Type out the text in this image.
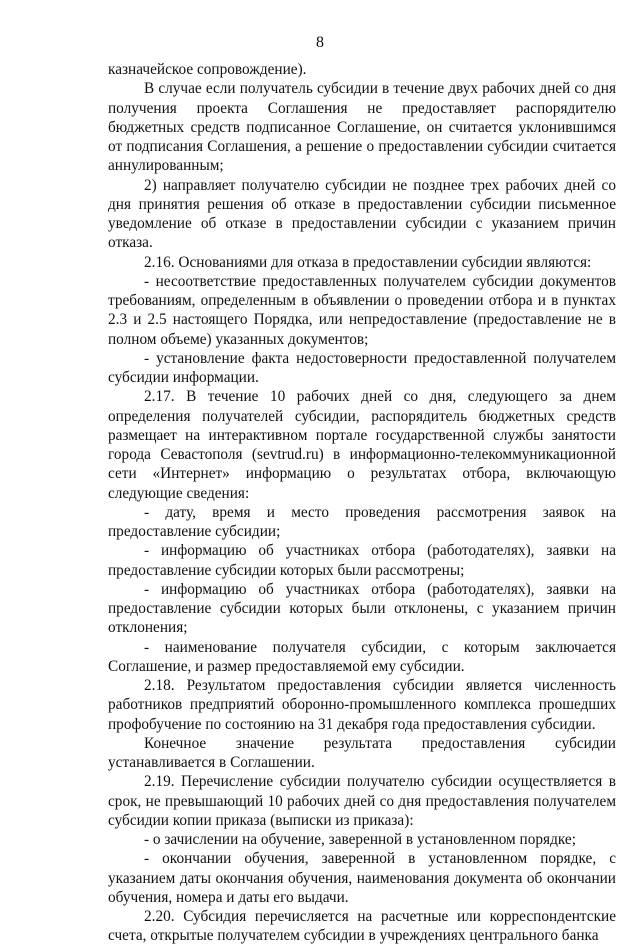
8

казначейское сопровождение).

В случае если получатель субсидии в течение двух рабочих дней со дня получения проекта Соглашения не предоставляет распорядителю бюджетных средств подписанное Соглашение, он считается уклонившимся от подписания Соглашения, а решение о предоставлении субсидии считается аннулированным;

2) направляет получателю субсидии не позднее трех рабочих дней со дня принятия решения об отказе в предоставлении субсидии письменное уведомление об отказе в предоставлении субсидии с указанием причин отказа.

2.16. Основаниями для отказа в предоставлении субсидии являются:

- несоответствие предоставленных получателем субсидии документов требованиям, определенным в объявлении о проведении отбора и в пунктах 2.3 и 2.5 настоящего Порядка, или непредоставление (предоставление не в полном объеме) указанных документов;

- установление факта недостоверности предоставленной получателем субсидии информации.

2.17. В течение 10 рабочих дней со дня, следующего за днем определения получателей субсидии, распорядитель бюджетных средств размещает на интерактивном портале государственной службы занятости города Севастополя (sevtrud.ru) в информационно-телекоммуникационной сети «Интернет» информацию о результатах отбора, включающую следующие сведения:

- дату, время и место проведения рассмотрения заявок на предоставление субсидии;

- информацию об участниках отбора (работодателях), заявки на предоставление субсидии которых были рассмотрены;

- информацию об участниках отбора (работодателях), заявки на предоставление субсидии которых были отклонены, с указанием причин отклонения;

- наименование получателя субсидии, с которым заключается Соглашение, и размер предоставляемой ему субсидии.

2.18. Результатом предоставления субсидии является численность работников предприятий оборонно-промышленного комплекса прошедших профобучение по состоянию на 31 декабря года предоставления субсидии.

Конечное значение результата предоставления субсидии устанавливается в Соглашении.

2.19. Перечисление субсидии получателю субсидии осуществляется в срок, не превышающий 10 рабочих дней со дня предоставления получателем субсидии копии приказа (выписки из приказа):

- о зачислении на обучение, заверенной в установленном порядке;

- окончании обучения, заверенной в установленном порядке, с указанием даты окончания обучения, наименования документа об окончании обучения, номера и даты его выдачи.

2.20. Субсидия перечисляется на расчетные или корреспондентские счета, открытые получателем субсидии в учреждениях центрального банка
